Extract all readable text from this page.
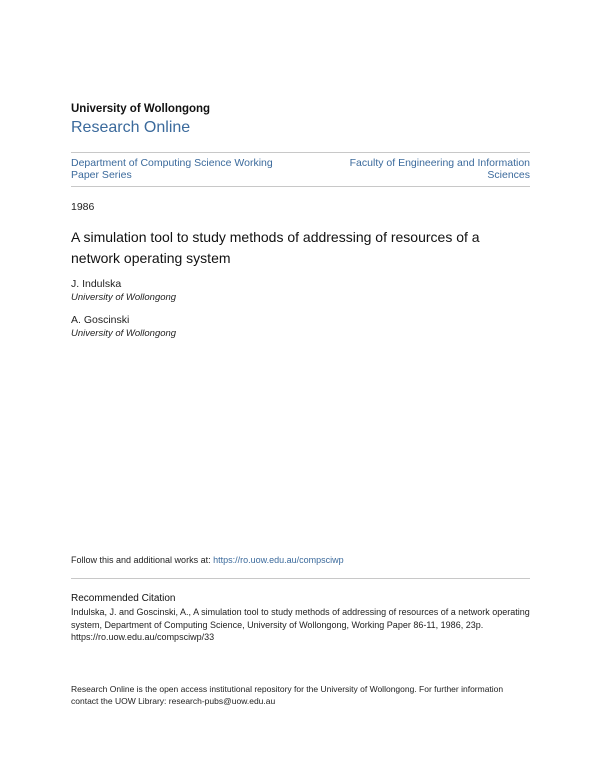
University of Wollongong
Research Online
Department of Computing Science Working Paper Series
Faculty of Engineering and Information Sciences
1986
A simulation tool to study methods of addressing of resources of a network operating system
J. Indulska
University of Wollongong
A. Goscinski
University of Wollongong
Follow this and additional works at: https://ro.uow.edu.au/compsciwp
Recommended Citation
Indulska, J. and Goscinski, A., A simulation tool to study methods of addressing of resources of a network operating system, Department of Computing Science, University of Wollongong, Working Paper 86-11, 1986, 23p.
https://ro.uow.edu.au/compsciwp/33
Research Online is the open access institutional repository for the University of Wollongong. For further information contact the UOW Library: research-pubs@uow.edu.au
